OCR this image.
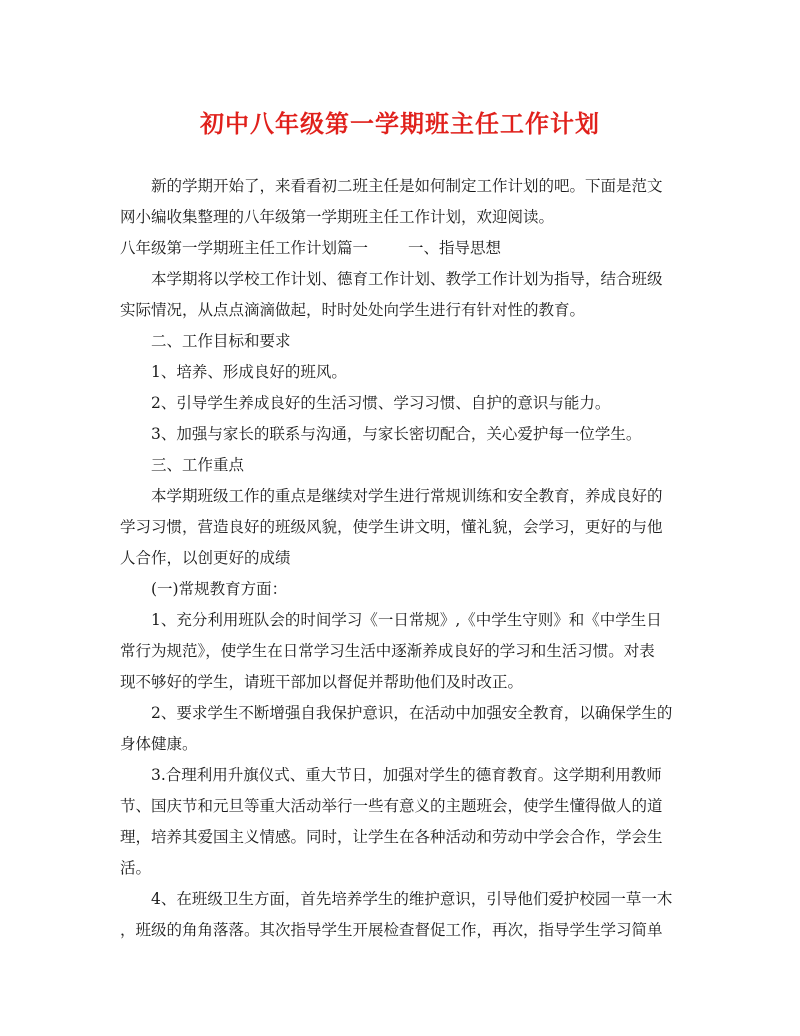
初中八年级第一学期班主任工作计划
新的学期开始了，来看看初二班主任是如何制定工作计划的吧。下面是范文
网小编收集整理的八年级第一学期班主任工作计划，欢迎阅读。
八年级第一学期班主任工作计划篇一	一、指导思想
本学期将以学校工作计划、德育工作计划、教学工作计划为指导，结合班级
实际情况，从点点滴滴做起，时时处处向学生进行有针对性的教育。
二、工作目标和要求
1、培养、形成良好的班风。
2、引导学生养成良好的生活习惯、学习习惯、自护的意识与能力。
3、加强与家长的联系与沟通，与家长密切配合，关心爱护每一位学生。
三、工作重点
本学期班级工作的重点是继续对学生进行常规训练和安全教育，养成良好的
学习习惯，营造良好的班级风貌，使学生讲文明，懂礼貌，会学习，更好的与他
人合作，以创更好的成绩
(一)常规教育方面：
1、充分利用班队会的时间学习《一日常规》,《中学生守则》和《中学生日
常行为规范》，使学生在日常学习生活中逐渐养成良好的学习和生活习惯。对表
现不够好的学生，请班干部加以督促并帮助他们及时改正。
2、要求学生不断增强自我保护意识，在活动中加强安全教育，以确保学生的
身体健康。
3.合理利用升旗仪式、重大节日，加强对学生的德育教育。这学期利用教师
节、国庆节和元旦等重大活动举行一些有意义的主题班会，使学生懂得做人的道
理，培养其爱国主义情感。同时，让学生在各种活动和劳动中学会合作，学会生
活。
4、在班级卫生方面，首先培养学生的维护意识，引导他们爱护校园一草一木
，班级的角角落落。其次指导学生开展检查督促工作，再次，指导学生学习简单
